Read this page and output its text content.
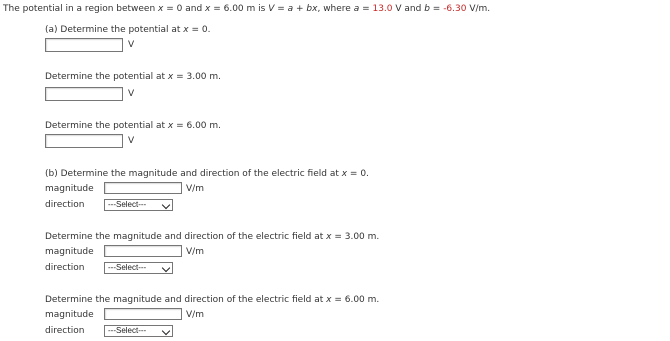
The potential in a region between x = 0 and x = 6.00 m is V = a + bx, where a = 13.0 V and b = -6.30 V/m.
(a) Determine the potential at x = 0.
V
Determine the potential at x = 3.00 m.
V
Determine the potential at x = 6.00 m.
V
(b) Determine the magnitude and direction of the electric field at x = 0.
magnitude	V/m
direction	---Select---
Determine the magnitude and direction of the electric field at x = 3.00 m.
magnitude	V/m
direction	---Select---
Determine the magnitude and direction of the electric field at x = 6.00 m.
magnitude	V/m
direction	---Select---
